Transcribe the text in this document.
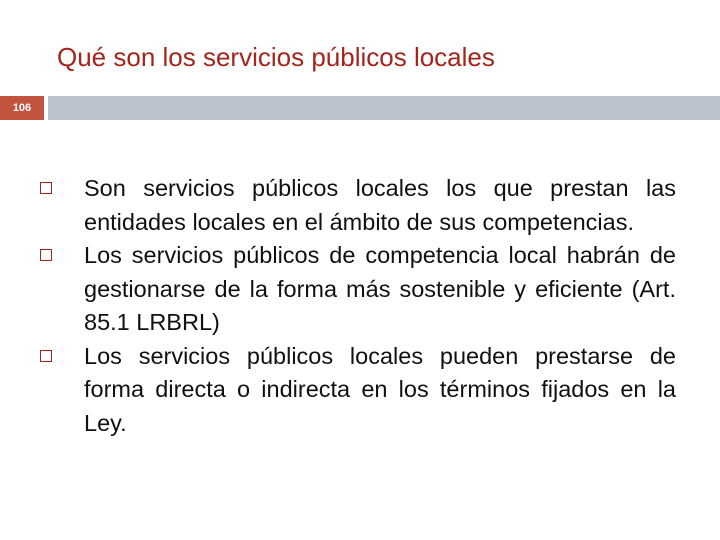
Qué son los servicios públicos locales
106
Son servicios públicos locales los que prestan las entidades locales en el ámbito de sus competencias.
Los servicios públicos de competencia local habrán de gestionarse de la forma más sostenible y eficiente (Art. 85.1 LRBRL)
Los servicios públicos locales pueden prestarse de forma directa o indirecta en los términos fijados en la Ley.
